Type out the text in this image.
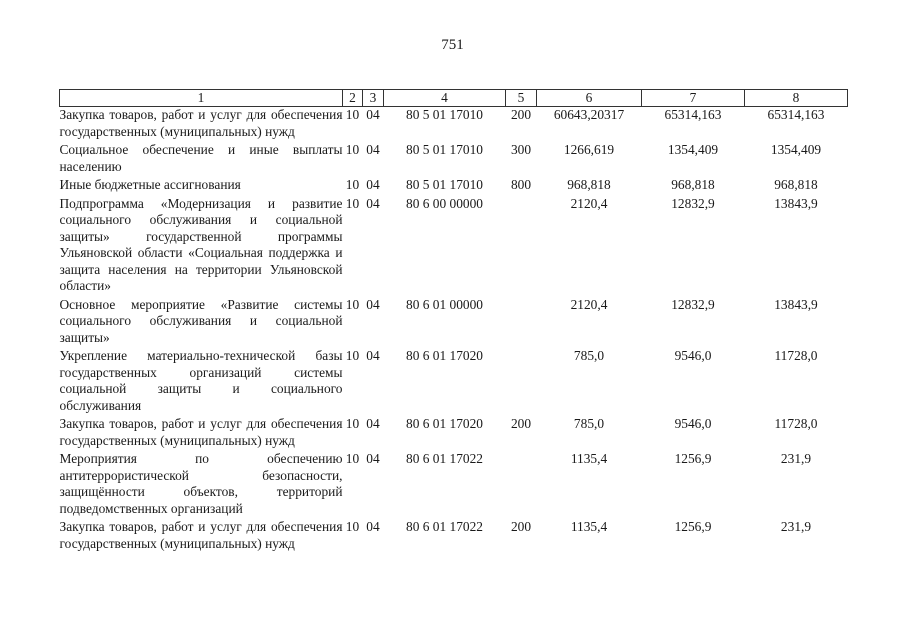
751
1	2	3	4	5	6	7	8
Закупка товаров, работ и услуг для обеспечения государственных (муниципальных) нужд	10	04	80 5 01 17010	200	60643,20317	65314,163	65314,163
Социальное обеспечение и иные выплаты населению	10	04	80 5 01 17010	300	1266,619	1354,409	1354,409
Иные бюджетные ассигнования	10	04	80 5 01 17010	800	968,818	968,818	968,818
Подпрограмма «Модернизация и развитие социального обслуживания и социальной защиты» государственной программы Ульяновской области «Социальная поддержка и защита населения на территории Ульяновской области»	10	04	80 6 00 00000		2120,4	12832,9	13843,9
Основное мероприятие «Развитие системы социального обслуживания и социальной защиты»	10	04	80 6 01 00000		2120,4	12832,9	13843,9
Укрепление материально-технической базы государственных организаций системы социальной защиты и социального обслуживания	10	04	80 6 01 17020		785,0	9546,0	11728,0
Закупка товаров, работ и услуг для обеспечения государственных (муниципальных) нужд	10	04	80 6 01 17020	200	785,0	9546,0	11728,0
Мероприятия по обеспечению антитеррористической безопасности, защищённости объектов, территорий подведомственных организаций	10	04	80 6 01 17022		1135,4	1256,9	231,9
Закупка товаров, работ и услуг для обеспечения государственных (муниципальных) нужд	10	04	80 6 01 17022	200	1135,4	1256,9	231,9
